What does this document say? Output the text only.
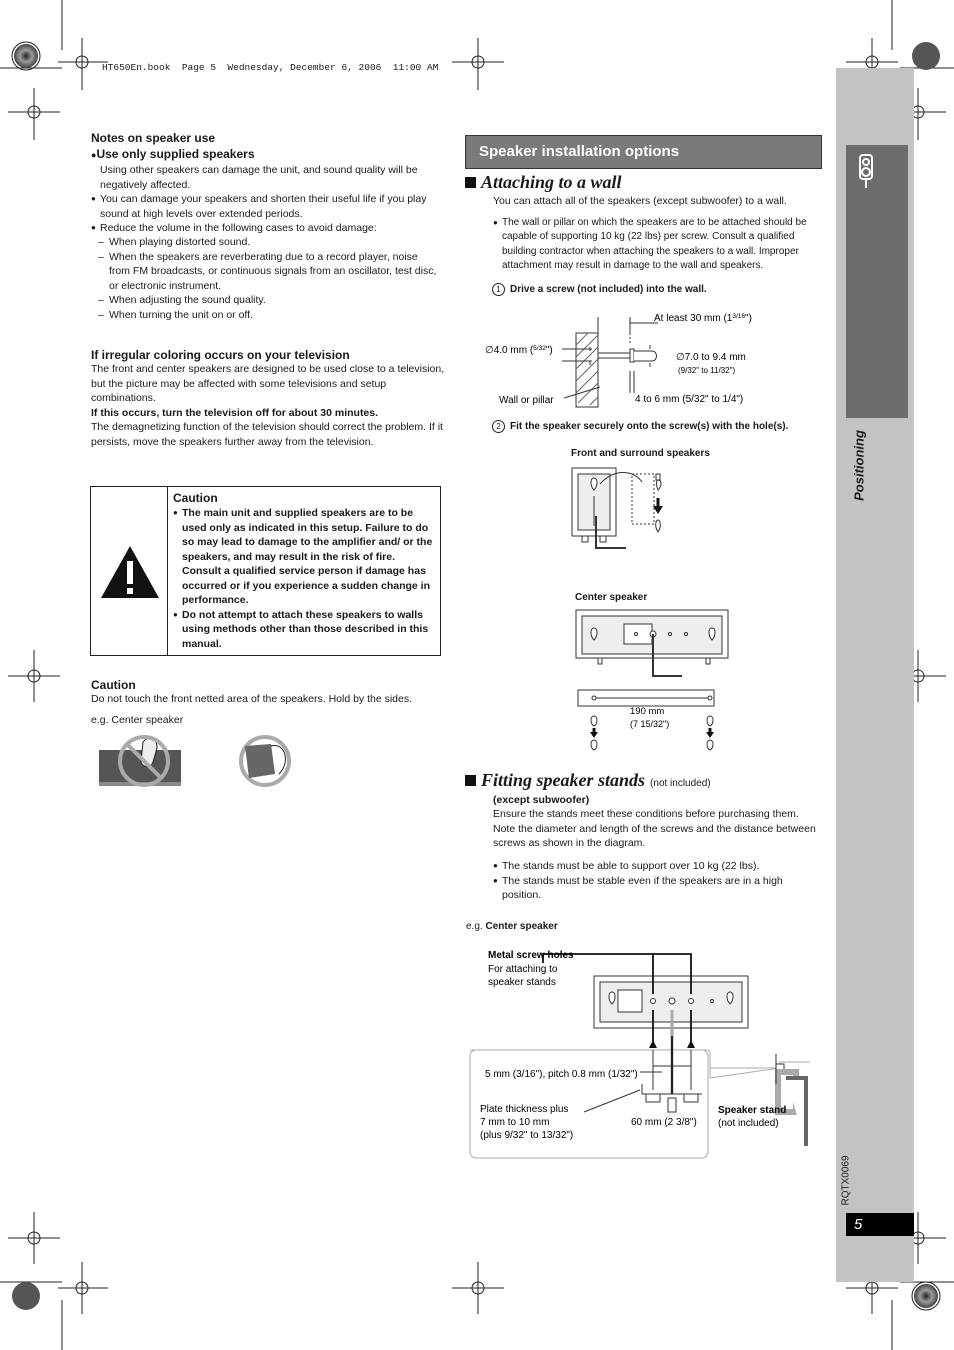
HT650En.book  Page 5  Wednesday, December 6, 2006  11:00 AM
Positioning
RQTX0069
5
Notes on speaker use
●Use only supplied speakers
Using other speakers can damage the unit, and sound quality will be negatively affected.
● You can damage your speakers and shorten their useful life if you play sound at high levels over extended periods.
● Reduce the volume in the following cases to avoid damage:
– When playing distorted sound.
– When the speakers are reverberating due to a record player, noise from FM broadcasts, or continuous signals from an oscillator, test disc, or electronic instrument.
– When adjusting the sound quality.
– When turning the unit on or off.
If irregular coloring occurs on your television
The front and center speakers are designed to be used close to a television, but the picture may be affected with some televisions and setup combinations.
If this occurs, turn the television off for about 30 minutes.
The demagnetizing function of the television should correct the problem. If it persists, move the speakers further away from the television.
Caution
● The main unit and supplied speakers are to be used only as indicated in this setup. Failure to do so may lead to damage to the amplifier and/ or the speakers, and may result in the risk of fire. Consult a qualified service person if damage has occurred or if you experience a sudden change in performance.
● Do not attempt to attach these speakers to walls using methods other than those described in this manual.
Caution
Do not touch the front netted area of the speakers. Hold by the sides.
e.g. Center speaker
Speaker installation options
Attaching to a wall
You can attach all of the speakers (except subwoofer) to a wall.
● The wall or pillar on which the speakers are to be attached should be capable of supporting 10 kg (22 lbs) per screw. Consult a qualified building contractor when attaching the speakers to a wall. Improper attachment may result in damage to the wall and speakers.
1 Drive a screw (not included) into the wall.
At least 30 mm $(1^{3/16}")$
∅4.0 mm ($^{5/32}$")
∅7.0 to 9.4 mm
(9/32" to 11/32")
Wall or pillar	4 to 6 mm (5/32" to 1/4")
2 Fit the speaker securely onto the screw(s) with the hole(s).
Front and surround speakers
Center speaker
190 mm
(7 15/32")
Fitting speaker stands (not included)
(except subwoofer)
Ensure the stands meet these conditions before purchasing them. Note the diameter and length of the screws and the distance between screws as shown in the diagram.
● The stands must be able to support over 10 kg (22 lbs).
● The stands must be stable even if the speakers are in a high position.
e.g. Center speaker
Metal screw holes
For attaching to
speaker stands
5 mm (3/16"), pitch 0.8 mm (1/32")
Plate thickness plus
7 mm to 10 mm
(plus 9/32" to 13/32")
60 mm (2 3/8")
Speaker stand
(not included)
